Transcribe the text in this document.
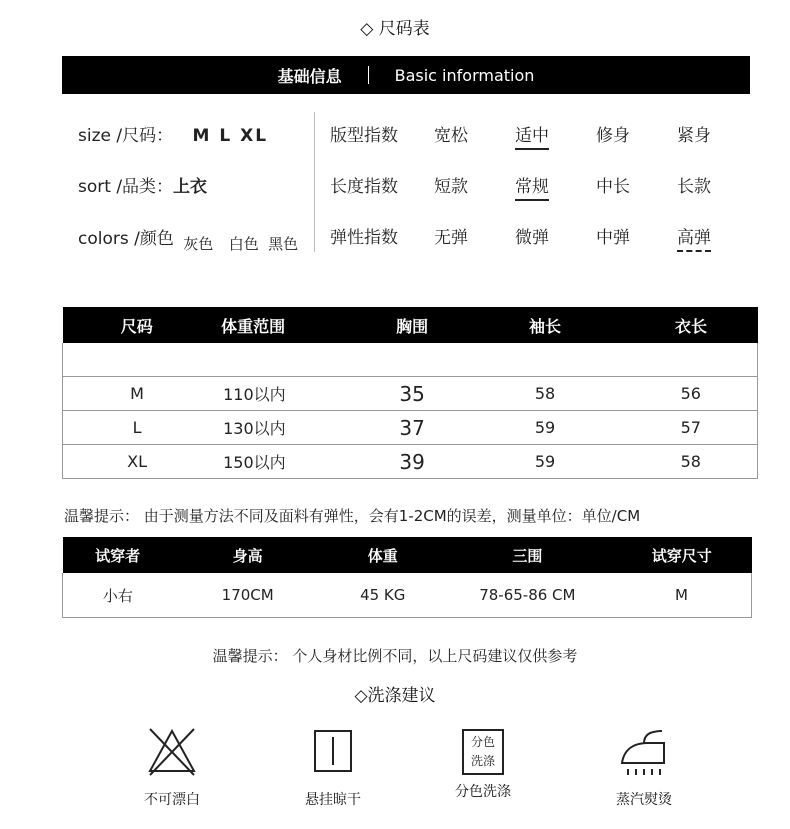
◇ 尺码表
基础信息	Basic information
size /尺码： M L XL
sort /品类：上衣
colors /颜色 灰色 白色 黑色
版型指数 宽松	适中	修身	紧身
长度指数 短款	常规	中长	长款
弹性指数 无弹	微弹	中弹	高弹
尺码	体重范围	胸围	袖长	衣长

M	110以内	35	58	56
L	130以内	37	59	57
XL	150以内	39	59	58
温馨提示： 由于测量方法不同及面料有弹性，会有1-2CM的误差，测量单位：单位/CM
试穿者	身高	体重	三围	试穿尺寸
小右	170CM	45 KG	78-65-86 CM	M
温馨提示： 个人身材比例不同，以上尺码建议仅供参考
◇洗涤建议
不可漂白	悬挂晾干
分色
洗涤
分色洗涤	蒸汽熨烫
